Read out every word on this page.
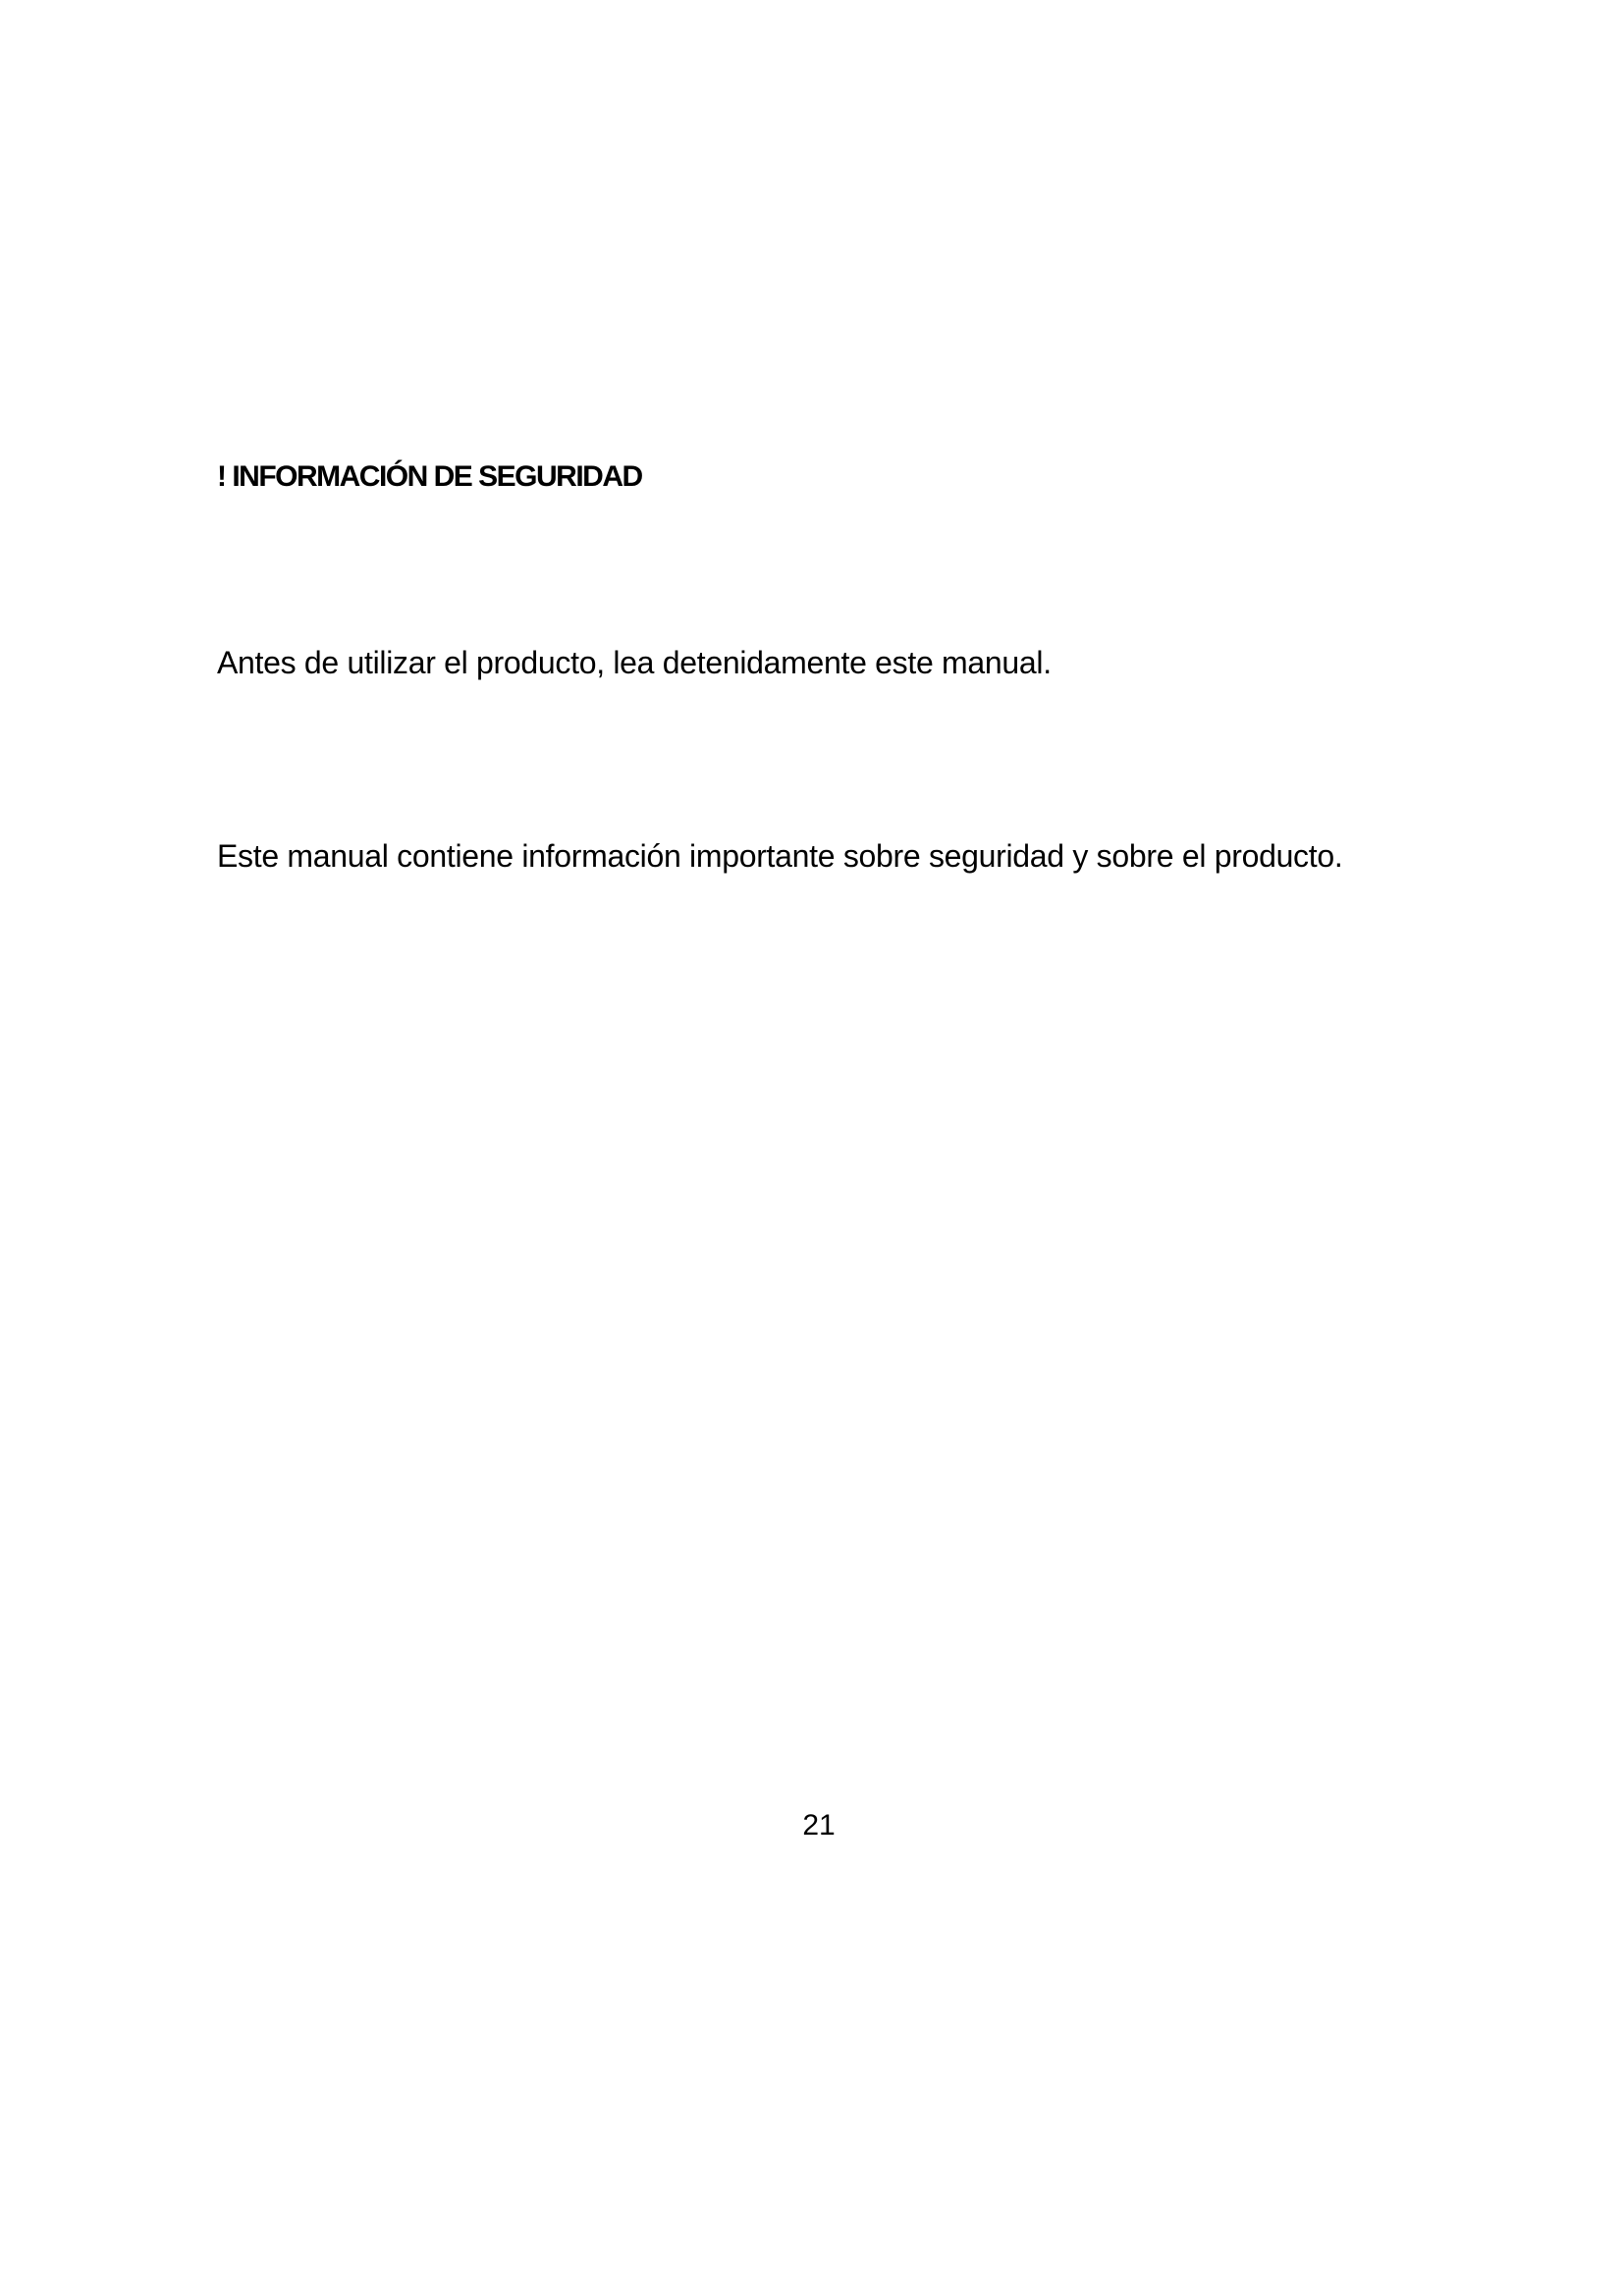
! INFORMACIÓN DE SEGURIDAD

Antes de utilizar el producto, lea detenidamente este manual.

Este manual contiene información importante sobre seguridad y sobre el producto.

21
